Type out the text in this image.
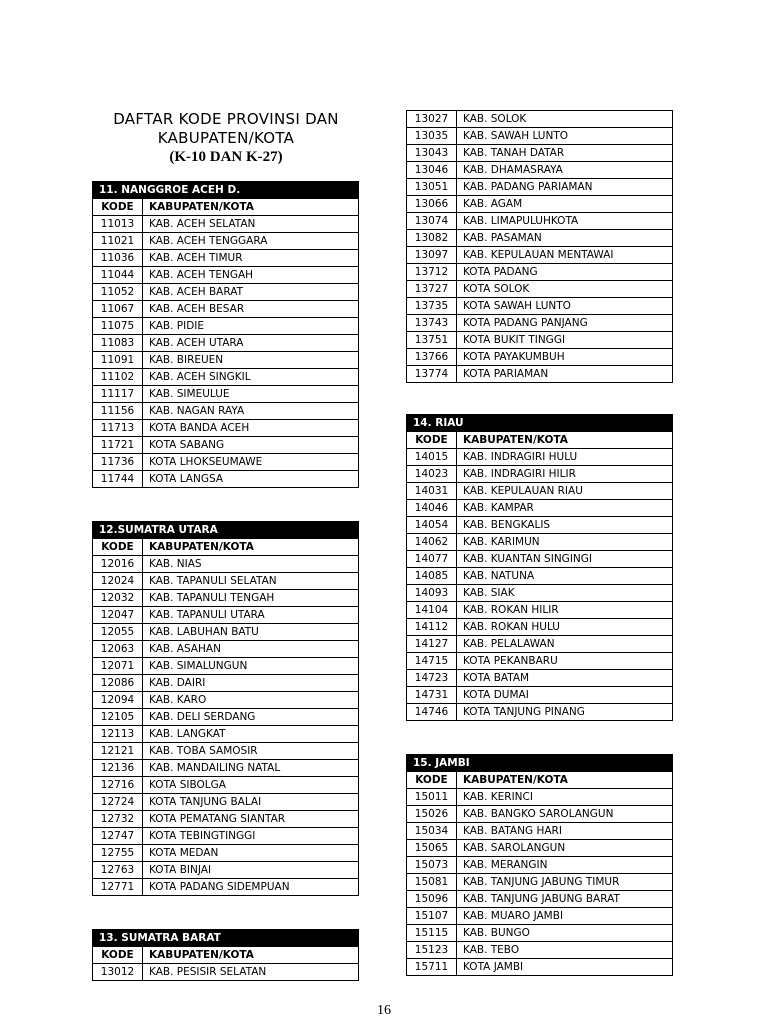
DAFTAR KODE PROVINSI DAN
KABUPATEN/KOTA
(K-10 DAN K-27)
11. NANGGROE ACEH D.	
KODE	KABUPATEN/KOTA
11013	KAB. ACEH SELATAN
11021	KAB. ACEH TENGGARA
11036	KAB. ACEH TIMUR
11044	KAB. ACEH TENGAH
11052	KAB. ACEH BARAT
11067	KAB. ACEH BESAR
11075	KAB. PIDIE
11083	KAB. ACEH UTARA
11091	KAB. BIREUEN
11102	KAB. ACEH SINGKIL
11117	KAB. SIMEULUE
11156	KAB. NAGAN RAYA
11713	KOTA BANDA ACEH
11721	KOTA SABANG
11736	KOTA LHOKSEUMAWE
11744	KOTA LANGSA
12.SUMATRA UTARA	
KODE	KABUPATEN/KOTA
12016	KAB. NIAS
12024	KAB. TAPANULI SELATAN
12032	KAB. TAPANULI TENGAH
12047	KAB. TAPANULI UTARA
12055	KAB. LABUHAN BATU
12063	KAB. ASAHAN
12071	KAB. SIMALUNGUN
12086	KAB. DAIRI
12094	KAB. KARO
12105	KAB. DELI SERDANG
12113	KAB. LANGKAT
12121	KAB. TOBA SAMOSIR
12136	KAB. MANDAILING NATAL
12716	KOTA SIBOLGA
12724	KOTA TANJUNG BALAI
12732	KOTA PEMATANG SIANTAR
12747	KOTA TEBINGTINGGI
12755	KOTA MEDAN
12763	KOTA BINJAI
12771	KOTA PADANG SIDEMPUAN
13. SUMATRA BARAT	
KODE	KABUPATEN/KOTA
13012	KAB. PESISIR SELATAN
13027	KAB. SOLOK
13035	KAB. SAWAH LUNTO
13043	KAB. TANAH DATAR
13046	KAB. DHAMASRAYA
13051	KAB. PADANG PARIAMAN
13066	KAB. AGAM
13074	KAB. LIMAPULUHKOTA
13082	KAB. PASAMAN
13097	KAB. KEPULAUAN MENTAWAI
13712	KOTA PADANG
13727	KOTA SOLOK
13735	KOTA SAWAH LUNTO
13743	KOTA PADANG PANJANG
13751	KOTA BUKIT TINGGI
13766	KOTA PAYAKUMBUH
13774	KOTA PARIAMAN
14. RIAU	
KODE	KABUPATEN/KOTA
14015	KAB. INDRAGIRI HULU
14023	KAB. INDRAGIRI HILIR
14031	KAB. KEPULAUAN RIAU
14046	KAB. KAMPAR
14054	KAB. BENGKALIS
14062	KAB. KARIMUN
14077	KAB. KUANTAN SINGINGI
14085	KAB. NATUNA
14093	KAB. SIAK
14104	KAB. ROKAN HILIR
14112	KAB. ROKAN HULU
14127	KAB. PELALAWAN
14715	KOTA PEKANBARU
14723	KOTA BATAM
14731	KOTA DUMAI
14746	KOTA TANJUNG PINANG
15. JAMBI	
KODE	KABUPATEN/KOTA
15011	KAB. KERINCI
15026	KAB. BANGKO SAROLANGUN
15034	KAB. BATANG HARI
15065	KAB. SAROLANGUN
15073	KAB. MERANGIN
15081	KAB. TANJUNG JABUNG TIMUR
15096	KAB. TANJUNG JABUNG BARAT
15107	KAB. MUARO JAMBI
15115	KAB. BUNGO
15123	KAB. TEBO
15711	KOTA JAMBI
16
